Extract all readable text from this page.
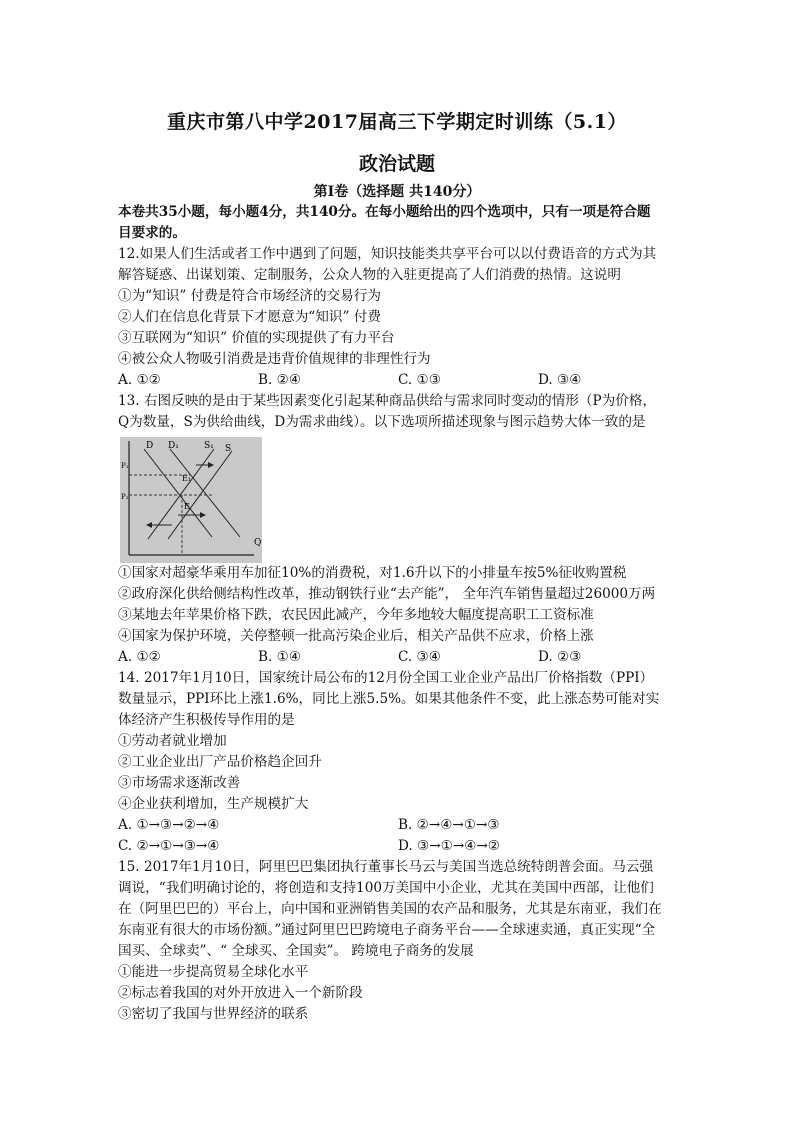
重庆市第八中学2017届高三下学期定时训练（5.1）
政治试题
第Ⅰ卷（选择题 共140分）
本卷共35小题，每小题4分，共140分。在每小题给出的四个选项中，只有一项是符合题
目要求的。
12.如果人们生活或者工作中遇到了问题，知识技能类共享平台可以以付费语音的方式为其
解答疑惑、出谋划策、定制服务，公众人物的入驻更提高了人们消费的热情。这说明
①为“知识” 付费是符合市场经济的交易行为
②人们在信息化背景下才愿意为“知识” 付费
③互联网为“知识” 价值的实现提供了有力平台
④被公众人物吸引消费是违背价值规律的非理性行为
A. ①②	B. ②④	C. ①③	D. ③④
13. 右图反映的是由于某些因素变化引起某种商品供给与需求同时变动的情形（P为价格，
Q为数量，S为供给曲线，D为需求曲线）。以下选项所描述现象与图示趋势大体一致的是
D D₁	S₁ S
P₁
P₂
E₁
E
Q
①国家对超豪华乘用车加征10%的消费税，对1.6升以下的小排量车按5%征收购置税
②政府深化供给侧结构性改革，推动钢铁行业“去产能”， 全年汽车销售量超过26000万两
③某地去年苹果价格下跌，农民因此减产，今年多地较大幅度提高职工工资标准
④国家为保护环境，关停整顿一批高污染企业后，相关产品供不应求，价格上涨
A. ①②	B. ①④	C. ③④	D. ②③
14. 2017年1月10日，国家统计局公布的12月份全国工业企业产品出厂价格指数（PPI）
数量显示，PPI环比上涨1.6%，同比上涨5.5%。如果其他条件不变，此上涨态势可能对实
体经济产生积极传导作用的是
①劳动者就业增加
②工业企业出厂产品价格趋企回升
③市场需求逐渐改善
④企业获利增加，生产规模扩大
A. ①→③→②→④	B. ②→④→①→③
C. ②→①→③→④	D. ③→①→④→②
15. 2017年1月10日，阿里巴巴集团执行董事长马云与美国当选总统特朗普会面。马云强
调说，“我们明确讨论的，将创造和支持100万美国中小企业，尤其在美国中西部，让他们
在（阿里巴巴的）平台上，向中国和亚洲销售美国的农产品和服务，尤其是东南亚，我们在
东南亚有很大的市场份额。”通过阿里巴巴跨境电子商务平台——全球速卖通，真正实现“全
国买、全球卖”、“ 全球买、全国卖”。 跨境电子商务的发展
①能进一步提高贸易全球化水平
②标志着我国的对外开放进入一个新阶段
③密切了我国与世界经济的联系
